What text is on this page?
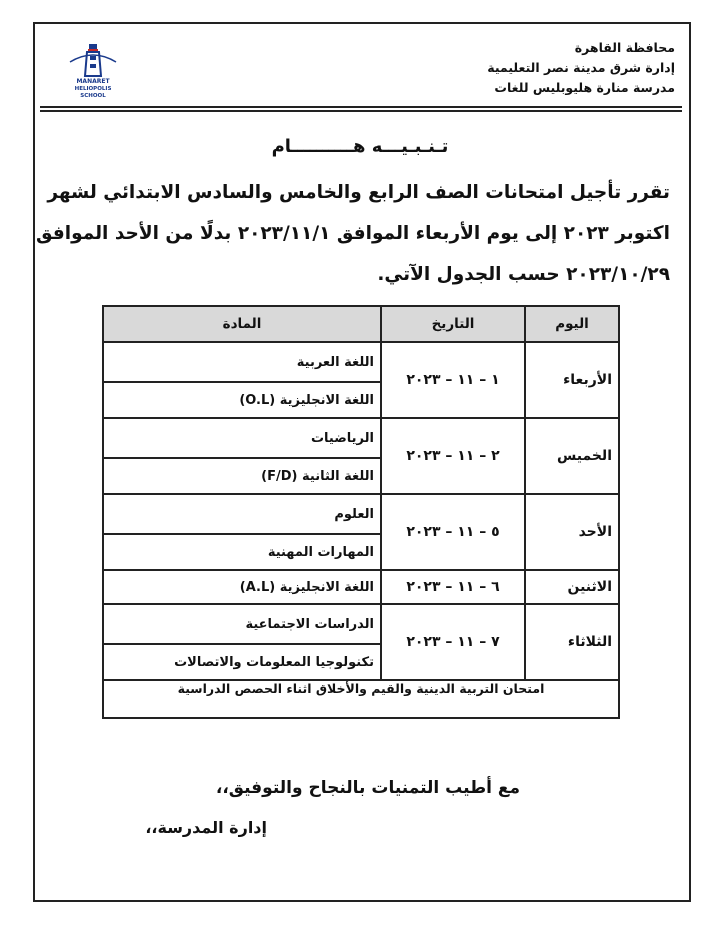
MANARET
HELIOPOLIS
SCHOOL
محافظة القاهرة
إدارة شرق مدينة نصر التعليمية
مدرسة منارة هليوبليس للغات
تـنـبـيـــه هــــــــــام
تقرر تأجيل امتحانات الصف الرابع والخامس والسادس الابتدائي لشهر
اكتوبر ٢٠٢٣ إلى يوم الأربعاء الموافق ٢٠٢٣/١١/١ بدلًا من الأحد الموافق
٢٠٢٣/١٠/٢٩ حسب الجدول الآتي.
اليوم	التاريخ	المادة
الأربعاء	١ – ١١ – ٢٠٢٣	اللغة العربية
		اللغة الانجليزية (O.L)
الخميس	٢ – ١١ – ٢٠٢٣	الرياضيات
		اللغة الثانية (F/D)
الأحد	٥ – ١١ – ٢٠٢٣	العلوم
		المهارات المهنية
الاثنين	٦ – ١١ – ٢٠٢٣	اللغة الانجليزية (A.L)
الثلاثاء	٧ – ١١ – ٢٠٢٣	الدراسات الاجتماعية
		تكنولوجيا المعلومات والاتصالات
امتحان التربية الدينية والقيم والأخلاق اثناء الحصص الدراسية		
مع أطيب التمنيات بالنجاح والتوفيق،،
إدارة المدرسة،،
